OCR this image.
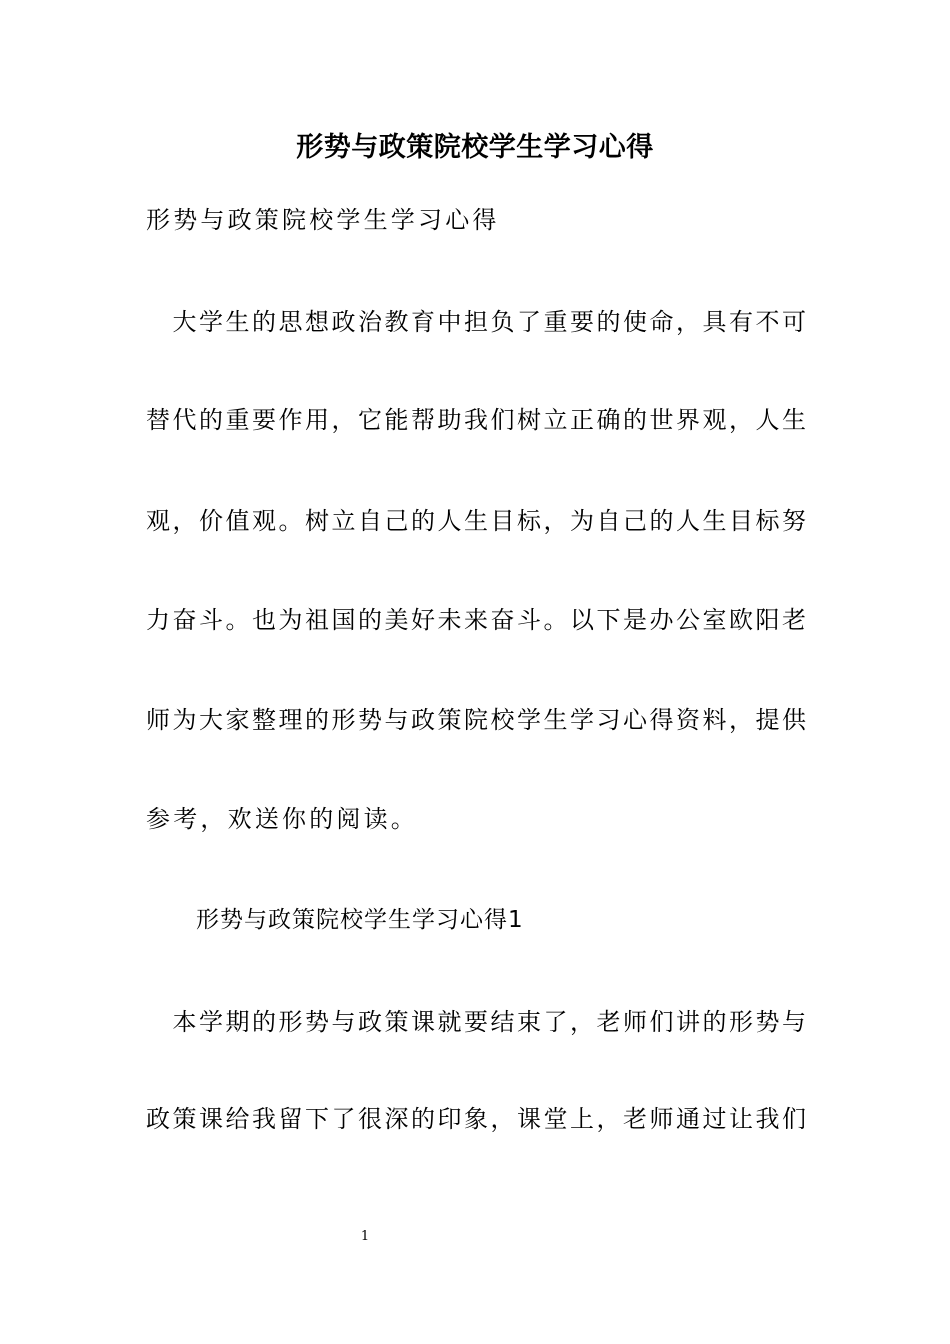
形势与政策院校学生学习心得
形势与政策院校学生学习心得
　大学生的思想政治教育中担负了重要的使命，具有不可
替代的重要作用，它能帮助我们树立正确的世界观，人生
观，价值观。树立自己的人生目标，为自己的人生目标努
力奋斗。也为祖国的美好未来奋斗。以下是办公室欧阳老
师为大家整理的形势与政策院校学生学习心得资料，提供
参考，欢送你的阅读。
形势与政策院校学生学习心得1
　本学期的形势与政策课就要结束了，老师们讲的形势与
政策课给我留下了很深的印象，课堂上，老师通过让我们
1
